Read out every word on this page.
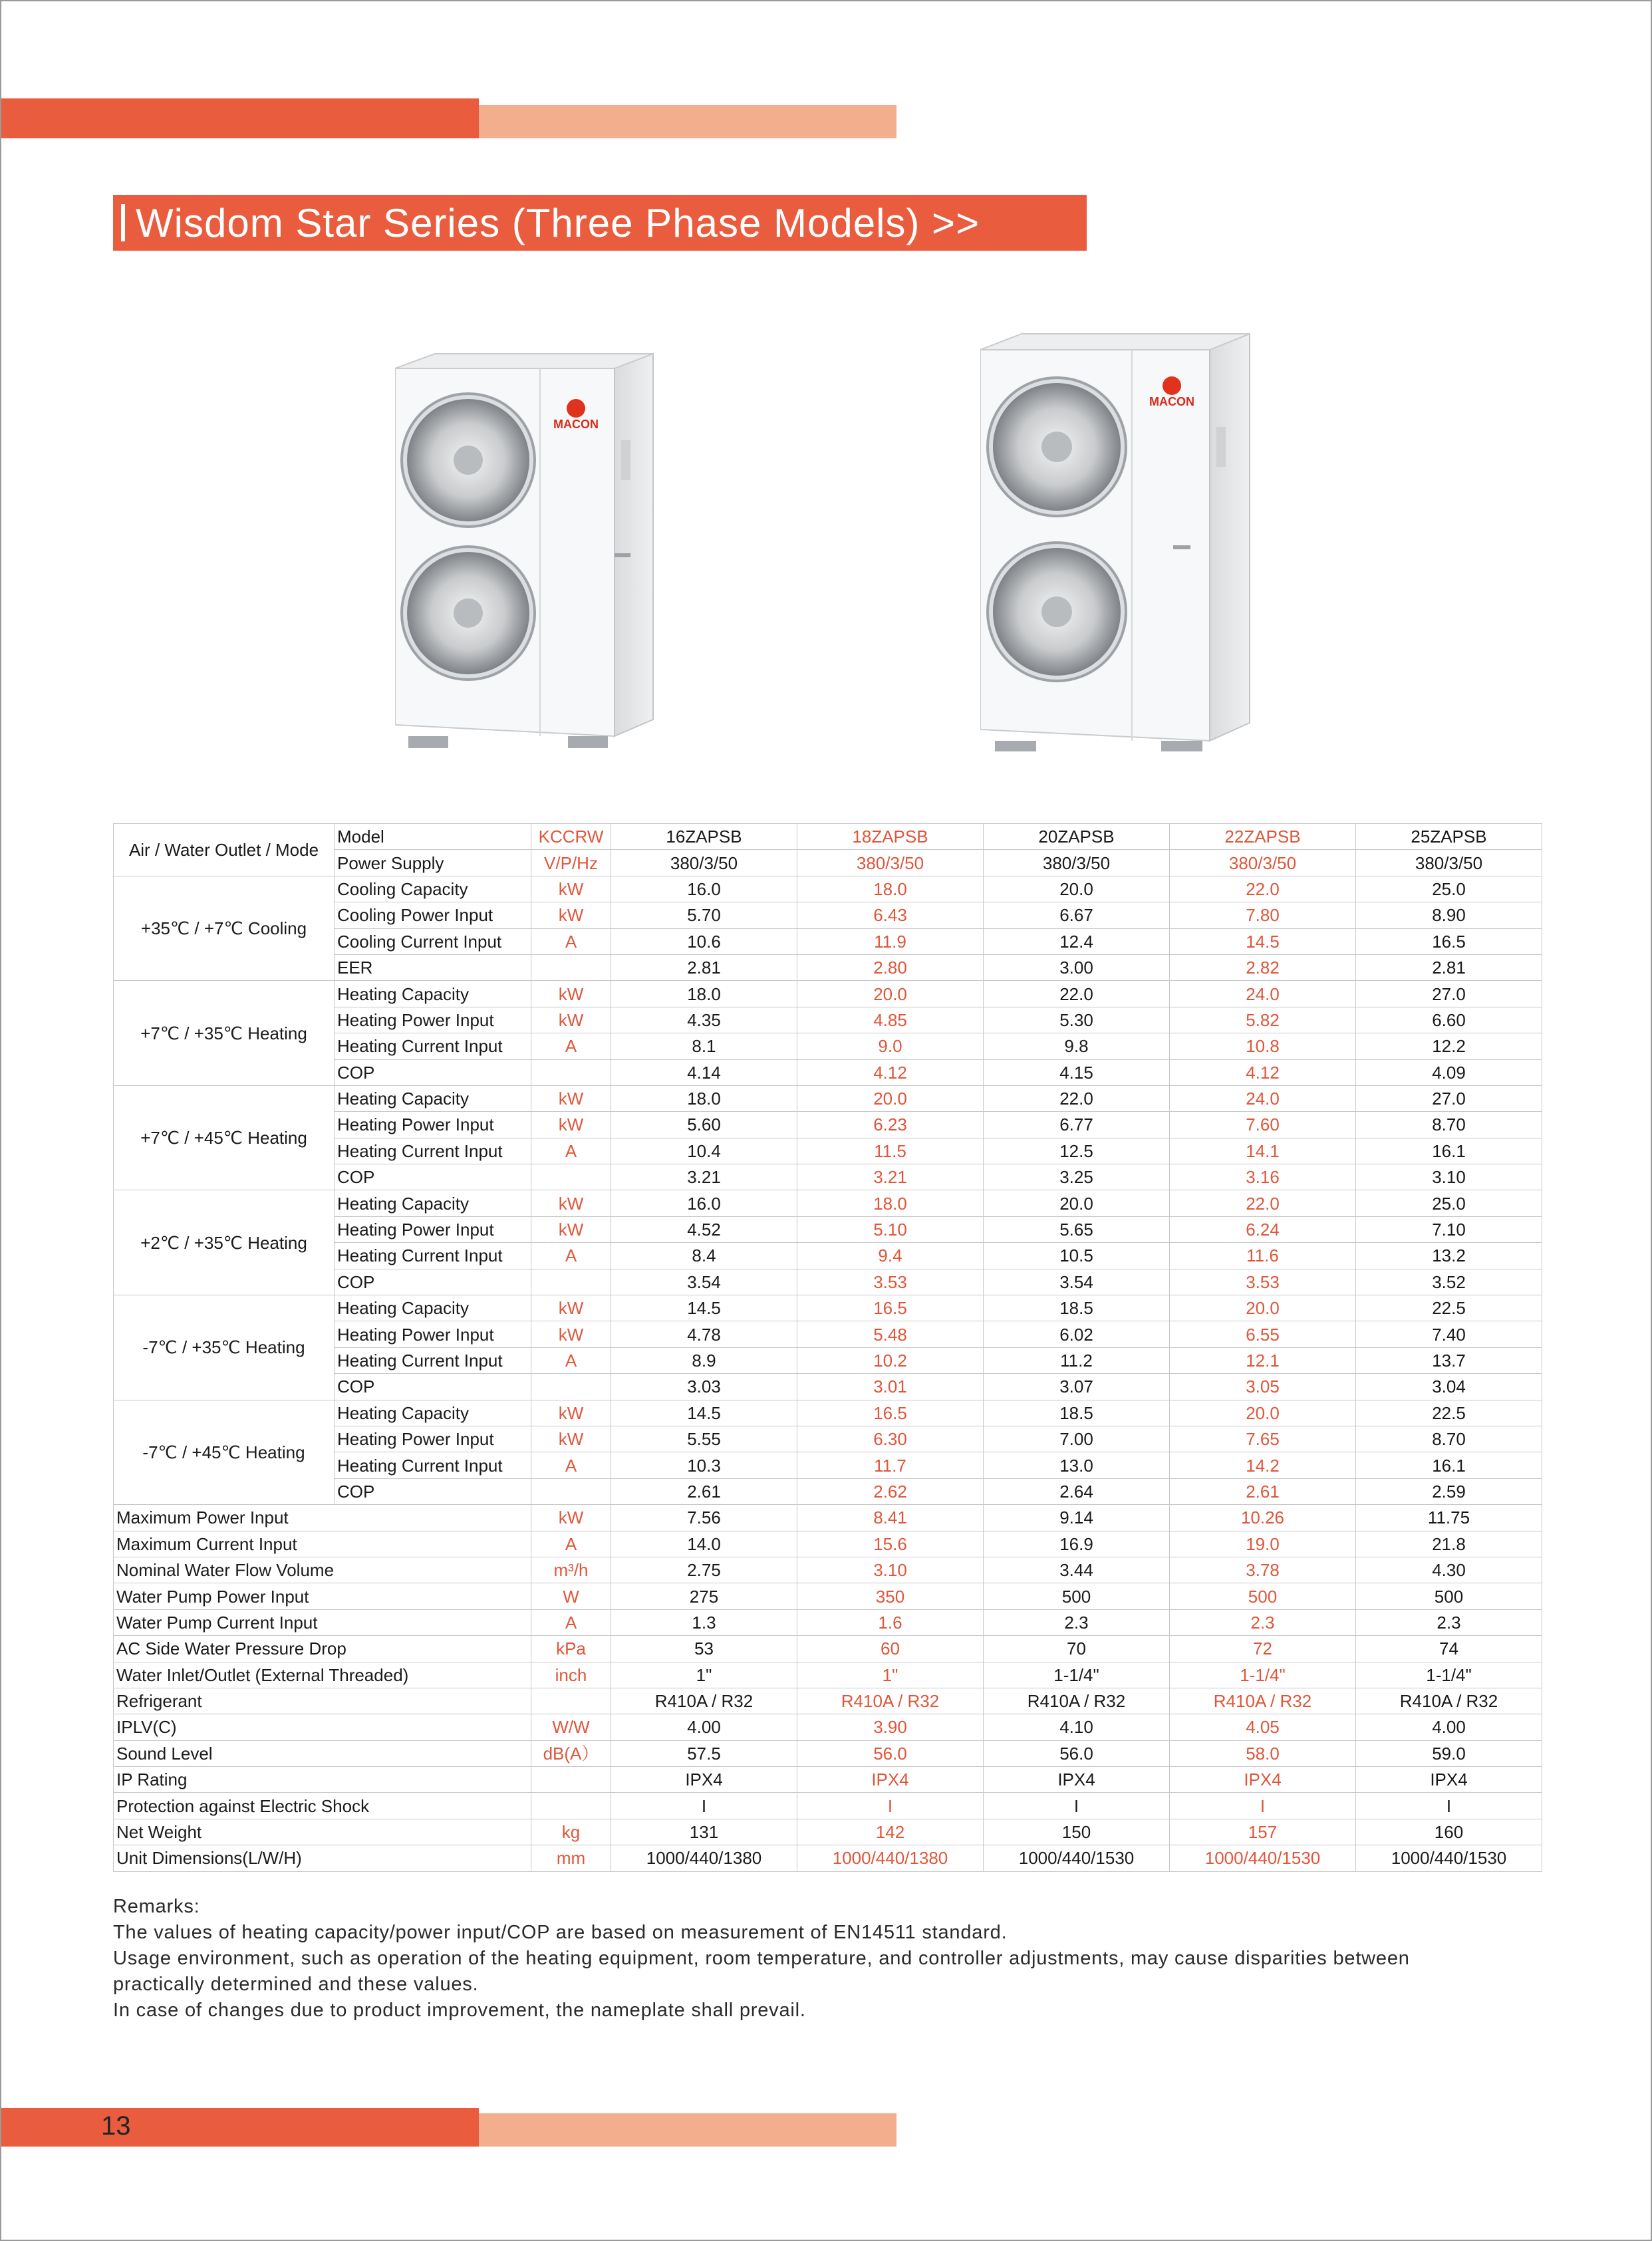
Wisdom Star Series (Three Phase Models) >>
MACON
MACON
Air / Water Outlet / Mode	Model	KCCRW	16ZAPSB	18ZAPSB	20ZAPSB	22ZAPSB	25ZAPSB
	Power Supply	V/P/Hz	380/3/50	380/3/50	380/3/50	380/3/50	380/3/50
+35℃ / +7℃ Cooling	Cooling Capacity	kW	16.0	18.0	20.0	22.0	25.0
	Cooling Power Input	kW	5.70	6.43	6.67	7.80	8.90
	Cooling Current Input	A	10.6	11.9	12.4	14.5	16.5
	EER		2.81	2.80	3.00	2.82	2.81
+7℃ / +35℃ Heating	Heating Capacity	kW	18.0	20.0	22.0	24.0	27.0
	Heating Power Input	kW	4.35	4.85	5.30	5.82	6.60
	Heating Current Input	A	8.1	9.0	9.8	10.8	12.2
	COP		4.14	4.12	4.15	4.12	4.09
+7℃ / +45℃ Heating	Heating Capacity	kW	18.0	20.0	22.0	24.0	27.0
	Heating Power Input	kW	5.60	6.23	6.77	7.60	8.70
	Heating Current Input	A	10.4	11.5	12.5	14.1	16.1
	COP		3.21	3.21	3.25	3.16	3.10
+2℃ / +35℃ Heating	Heating Capacity	kW	16.0	18.0	20.0	22.0	25.0
	Heating Power Input	kW	4.52	5.10	5.65	6.24	7.10
	Heating Current Input	A	8.4	9.4	10.5	11.6	13.2
	COP		3.54	3.53	3.54	3.53	3.52
-7℃ / +35℃ Heating	Heating Capacity	kW	14.5	16.5	18.5	20.0	22.5
	Heating Power Input	kW	4.78	5.48	6.02	6.55	7.40
	Heating Current Input	A	8.9	10.2	11.2	12.1	13.7
	COP		3.03	3.01	3.07	3.05	3.04
-7℃ / +45℃ Heating	Heating Capacity	kW	14.5	16.5	18.5	20.0	22.5
	Heating Power Input	kW	5.55	6.30	7.00	7.65	8.70
	Heating Current Input	A	10.3	11.7	13.0	14.2	16.1
	COP		2.61	2.62	2.64	2.61	2.59
Maximum Power Input		kW	7.56	8.41	9.14	10.26	11.75
Maximum Current Input		A	14.0	15.6	16.9	19.0	21.8
Nominal Water Flow Volume		m³/h	2.75	3.10	3.44	3.78	4.30
Water Pump Power Input		W	275	350	500	500	500
Water Pump Current Input		A	1.3	1.6	2.3	2.3	2.3
AC Side Water Pressure Drop		kPa	53	60	70	72	74
Water Inlet/Outlet (External Threaded)		inch	1"	1"	1-1/4"	1-1/4"	1-1/4"
Refrigerant			R410A / R32	R410A / R32	R410A / R32	R410A / R32	R410A / R32
IPLV(C)		W/W	4.00	3.90	4.10	4.05	4.00
Sound Level		dB(A）	57.5	56.0	56.0	58.0	59.0
IP Rating			IPX4	IPX4	IPX4	IPX4	IPX4
Protection against Electric Shock			I	I	I	I	I
Net Weight		kg	131	142	150	157	160
Unit Dimensions(L/W/H)		mm	1000/440/1380	1000/440/1380	1000/440/1530	1000/440/1530	1000/440/1530
Remarks:
The values of heating capacity/power input/COP are based on measurement of EN14511 standard.
Usage environment, such as operation of the heating equipment, room temperature, and controller adjustments, may cause disparities between
practically determined and these values.
In case of changes due to product improvement, the nameplate shall prevail.
13
